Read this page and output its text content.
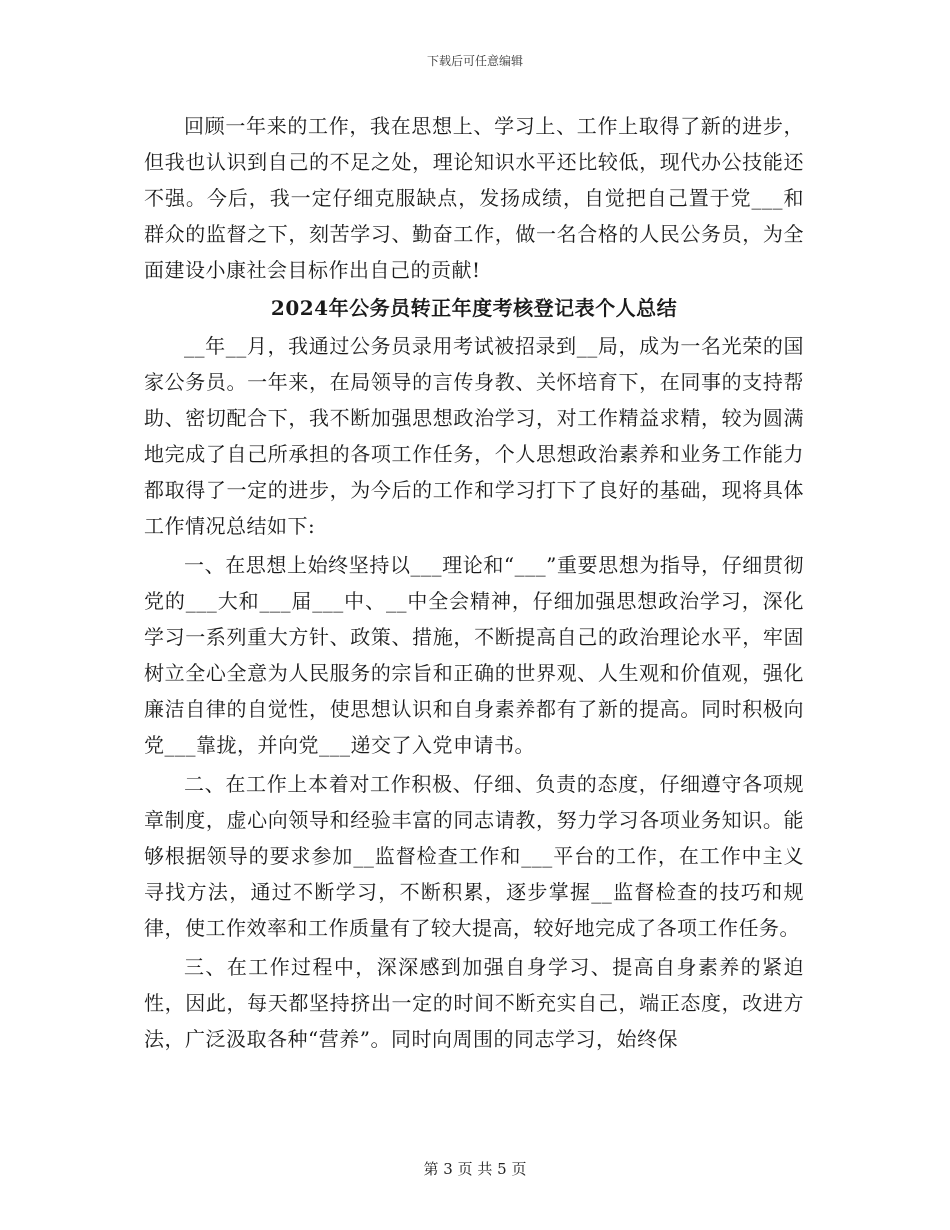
下载后可任意编辑

回顾一年来的工作，我在思想上、学习上、工作上取得了新的进步，但我也认识到自己的不足之处，理论知识水平还比较低，现代办公技能还不强。今后，我一定仔细克服缺点，发扬成绩，自觉把自己置于党___和群众的监督之下，刻苦学习、勤奋工作，做一名合格的人民公务员，为全面建设小康社会目标作出自己的贡献!

2024年公务员转正年度考核登记表个人总结

__年__月，我通过公务员录用考试被招录到__局，成为一名光荣的国家公务员。一年来，在局领导的言传身教、关怀培育下，在同事的支持帮助、密切配合下，我不断加强思想政治学习，对工作精益求精，较为圆满地完成了自己所承担的各项工作任务，个人思想政治素养和业务工作能力都取得了一定的进步，为今后的工作和学习打下了良好的基础，现将具体工作情况总结如下:

一、在思想上始终坚持以___理论和“___”重要思想为指导，仔细贯彻党的___大和___届___中、__中全会精神，仔细加强思想政治学习，深化学习一系列重大方针、政策、措施，不断提高自己的政治理论水平，牢固树立全心全意为人民服务的宗旨和正确的世界观、人生观和价值观，强化廉洁自律的自觉性，使思想认识和自身素养都有了新的提高。同时积极向党___靠拢，并向党___递交了入党申请书。

二、在工作上本着对工作积极、仔细、负责的态度，仔细遵守各项规章制度，虚心向领导和经验丰富的同志请教，努力学习各项业务知识。能够根据领导的要求参加__监督检查工作和___平台的工作，在工作中主义寻找方法，通过不断学习，不断积累，逐步掌握__监督检查的技巧和规律，使工作效率和工作质量有了较大提高，较好地完成了各项工作任务。

三、在工作过程中，深深感到加强自身学习、提高自身素养的紧迫性，因此，每天都坚持挤出一定的时间不断充实自己，端正态度，改进方法，广泛汲取各种“营养”。同时向周围的同志学习，始终保

第 3 页 共 5 页
